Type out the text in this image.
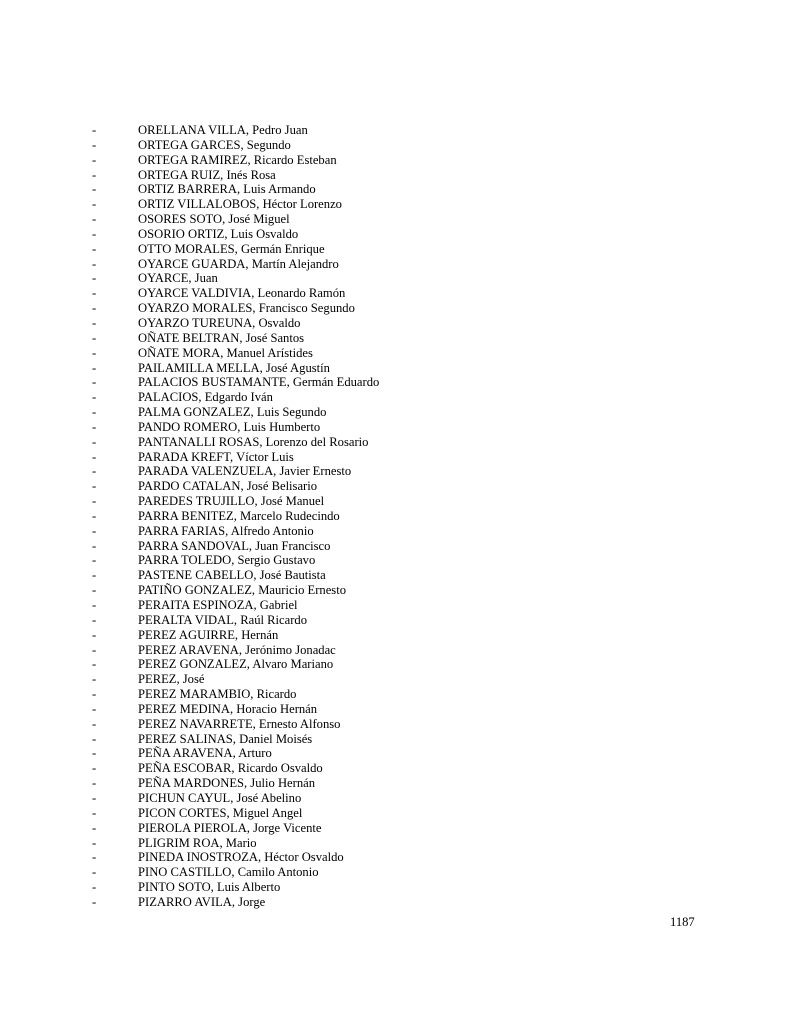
-	ORELLANA VILLA, Pedro Juan
-	ORTEGA GARCES, Segundo
-	ORTEGA RAMIREZ, Ricardo Esteban
-	ORTEGA RUIZ, Inés Rosa
-	ORTIZ BARRERA, Luis Armando
-	ORTIZ VILLALOBOS, Héctor Lorenzo
-	OSORES SOTO, José Miguel
-	OSORIO ORTIZ, Luis Osvaldo
-	OTTO MORALES, Germán Enrique
-	OYARCE GUARDA, Martín Alejandro
-	OYARCE, Juan
-	OYARCE VALDIVIA, Leonardo Ramón
-	OYARZO MORALES, Francisco Segundo
-	OYARZO TUREUNA, Osvaldo
-	OÑATE BELTRAN, José Santos
-	OÑATE MORA, Manuel Arístides
-	PAILAMILLA MELLA, José Agustín
-	PALACIOS BUSTAMANTE, Germán Eduardo
-	PALACIOS, Edgardo Iván
-	PALMA GONZALEZ, Luis Segundo
-	PANDO ROMERO, Luis Humberto
-	PANTANALLI ROSAS, Lorenzo del Rosario
-	PARADA KREFT, Víctor Luis
-	PARADA VALENZUELA, Javier Ernesto
-	PARDO CATALAN, José Belisario
-	PAREDES TRUJILLO, José Manuel
-	PARRA BENITEZ, Marcelo Rudecindo
-	PARRA FARIAS, Alfredo Antonio
-	PARRA SANDOVAL, Juan Francisco
-	PARRA TOLEDO, Sergio Gustavo
-	PASTENE CABELLO, José Bautista
-	PATIÑO GONZALEZ, Mauricio Ernesto
-	PERAITA ESPINOZA, Gabriel
-	PERALTA VIDAL, Raúl Ricardo
-	PEREZ AGUIRRE, Hernán
-	PEREZ ARAVENA, Jerónimo Jonadac
-	PEREZ GONZALEZ, Alvaro Mariano
-	PEREZ, José
-	PEREZ MARAMBIO, Ricardo
-	PEREZ MEDINA, Horacio Hernán
-	PEREZ NAVARRETE, Ernesto Alfonso
-	PEREZ SALINAS, Daniel Moisés
-	PEÑA ARAVENA, Arturo
-	PEÑA ESCOBAR, Ricardo Osvaldo
-	PEÑA MARDONES, Julio Hernán
-	PICHUN CAYUL, José Abelino
-	PICON CORTES, Miguel Angel
-	PIEROLA PIEROLA, Jorge Vicente
-	PLIGRIM ROA, Mario
-	PINEDA INOSTROZA, Héctor Osvaldo
-	PINO CASTILLO, Camilo Antonio
-	PINTO SOTO, Luis Alberto
-	PIZARRO AVILA, Jorge
1187
